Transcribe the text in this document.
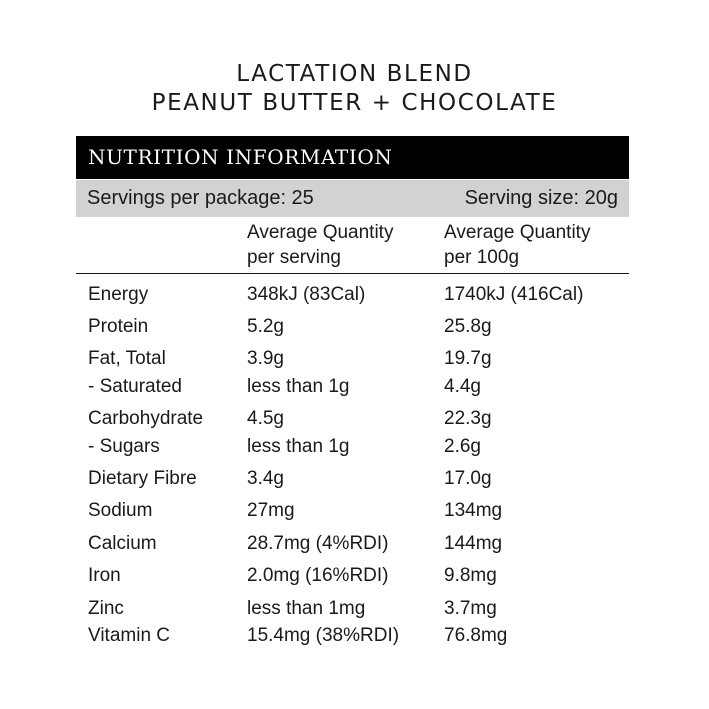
LACTATION BLEND
PEANUT BUTTER + CHOCOLATE
NUTRITION INFORMATION
Servings per package: 25	Serving size: 20g
Average Quantity
per serving
Average Quantity
per 100g
Energy	348kJ (83Cal)	1740kJ (416Cal)
Protein	5.2g	25.8g
Fat, Total	3.9g	19.7g
- Saturated	less than 1g	4.4g
Carbohydrate 4.5g	22.3g
- Sugars	less than 1g	2.6g
Dietary Fibre	3.4g	17.0g
Sodium	27mg	134mg
Calcium	28.7mg (4%RDI)	144mg
Iron	2.0mg (16%RDI)	9.8mg
Zinc	less than 1mg	3.7mg
Vitamin C	15.4mg (38%RDI) 76.8mg
